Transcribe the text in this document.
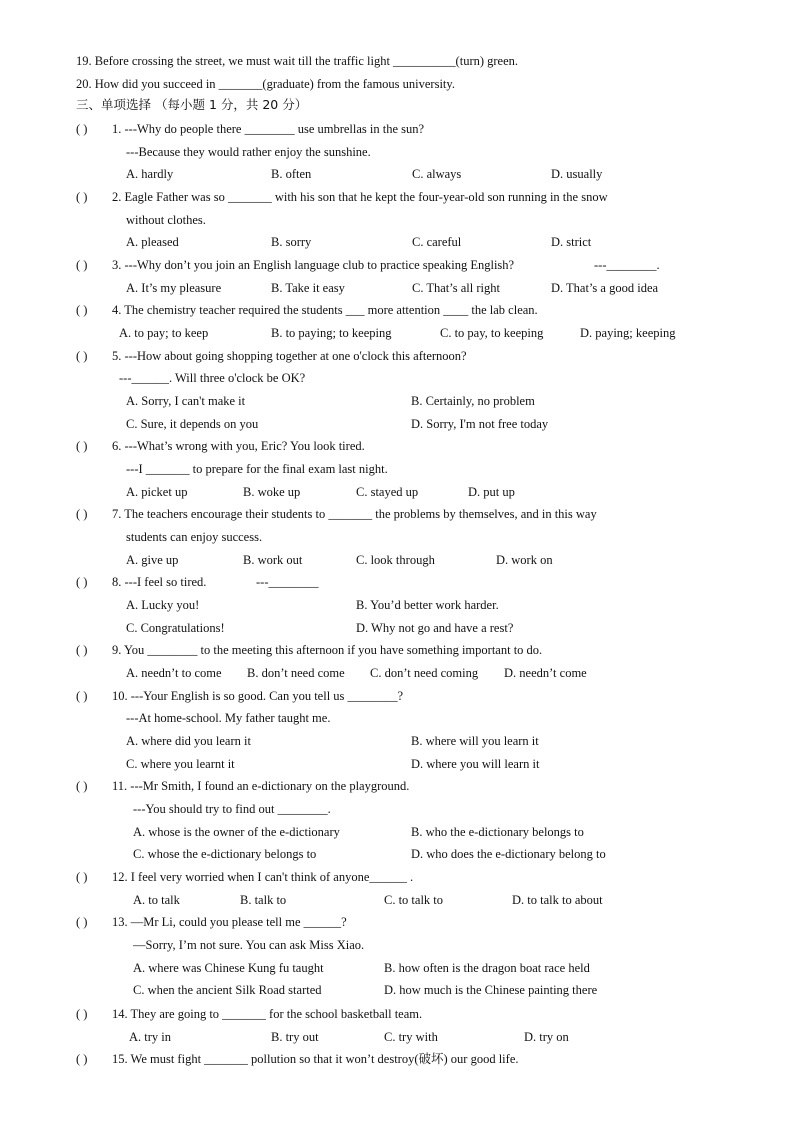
19. Before crossing the street, we must wait till the traffic light __________(turn) green.
20. How did you succeed in _______(graduate) from the famous university.
三、单项选择 （每小题 1 分，共 20 分）
( ) 1. ---Why do people there ________ use umbrellas in the sun?
---Because they would rather enjoy the sunshine.
A. hardly	B. often	C. always	D. usually
( ) 2. Eagle Father was so _______ with his son that he kept the four-year-old son running in the snow
without clothes.
A. pleased	B. sorry	C. careful	D. strict
( ) 3. ---Why don’t you join an English language club to practice speaking English?	---________.
A. It’s my pleasure	B. Take it easy	C. That’s all right	D. That’s a good idea
( ) 4. The chemistry teacher required the students ___ more attention ____ the lab clean.
A. to pay; to keep	B. to paying; to keeping	C. to pay, to keeping	D. paying; keeping
( ) 5. ---How about going shopping together at one o'clock this afternoon?
---______. Will three o'clock be OK?
A. Sorry, I can't make it	B. Certainly, no problem
C. Sure, it depends on you	D. Sorry, I'm not free today
( ) 6. ---What’s wrong with you, Eric? You look tired.
---I _______ to prepare for the final exam last night.
A. picket up	B. woke up	C. stayed up	D. put up
( ) 7. The teachers encourage their students to _______ the problems by themselves, and in this way
students can enjoy success.
A. give up	B. work out	C. look through	D. work on
( ) 8. ---I feel so tired.	---________
A. Lucky you!	B. You’d better work harder.
C. Congratulations!	D. Why not go and have a rest?
( ) 9. You ________ to the meeting this afternoon if you have something important to do.
A. needn’t to come B. don’t need come C. don’t need coming D. needn’t come
( ) 10. ---Your English is so good. Can you tell us ________?
---At home-school. My father taught me.
A. where did you learn it	B. where will you learn it
C. where you learnt it	D. where you will learn it
( ) 11. ---Mr Smith, I found an e-dictionary on the playground.
---You should try to find out ________.
A. whose is the owner of the e-dictionary	B. who the e-dictionary belongs to
C. whose the e-dictionary belongs to	D. who does the e-dictionary belong to
( ) 12. I feel very worried when I can't think of anyone______ .
A. to talk	B. talk to	C. to talk to	D. to talk to about
( ) 13. —Mr Li, could you please tell me ______?
—Sorry, I’m not sure. You can ask Miss Xiao.
A. where was Chinese Kung fu taught	B. how often is the dragon boat race held
C. when the ancient Silk Road started	D. how much is the Chinese painting there
( ) 14. They are going to _______ for the school basketball team.
A. try in	B. try out	C. try with	D. try on
( ) 15. We must fight _______ pollution so that it won’t destroy(破坏) our good life.
